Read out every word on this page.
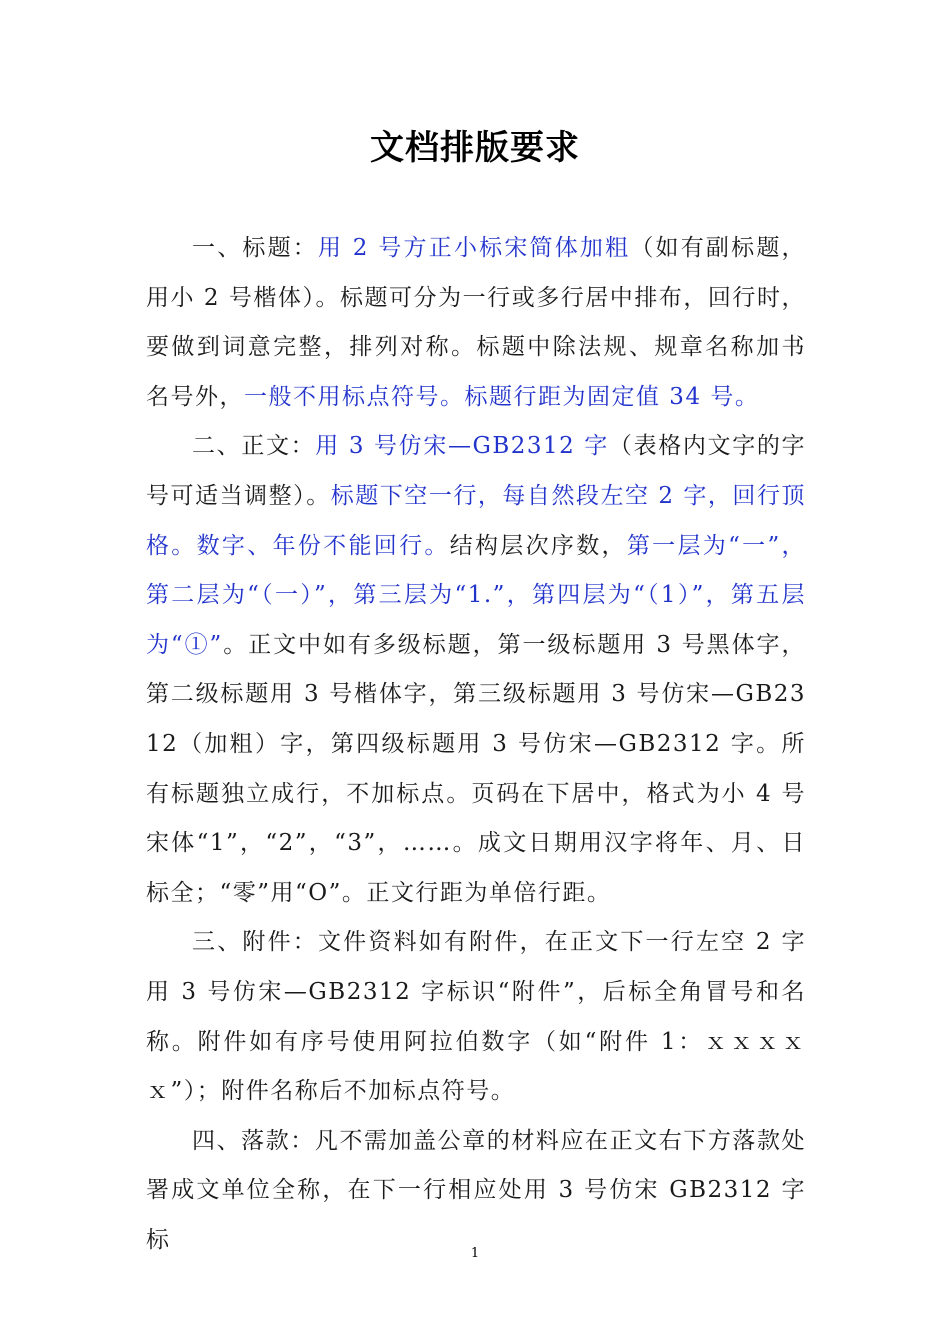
文档排版要求

一、标题：用 2 号方正小标宋简体加粗（如有副标题，用小 2 号楷体）。标题可分为一行或多行居中排布，回行时，要做到词意完整，排列对称。标题中除法规、规章名称加书名号外，一般不用标点符号。标题行距为固定值 34 号。

二、正文：用 3 号仿宋—GB2312 字（表格内文字的字号可适当调整）。标题下空一行，每自然段左空 2 字，回行顶格。数字、年份不能回行。结构层次序数，第一层为“一”，第二层为“（一）”，第三层为“1.”，第四层为“（1）”，第五层为“①”。正文中如有多级标题，第一级标题用 3 号黑体字，第二级标题用 3 号楷体字，第三级标题用 3 号仿宋—GB2312（加粗）字，第四级标题用 3 号仿宋—GB2312 字。所有标题独立成行，不加标点。页码在下居中，格式为小 4 号宋体“1”，“2”，“3”，……。成文日期用汉字将年、月、日标全；“零”用“O”。正文行距为单倍行距。

三、附件：文件资料如有附件，在正文下一行左空 2 字用 3 号仿宋—GB2312 字标识“附件”，后标全角冒号和名称。附件如有序号使用阿拉伯数字（如“附件 1：ｘｘｘｘｘ”）；附件名称后不加标点符号。

四、落款：凡不需加盖公章的材料应在正文右下方落款处署成文单位全称，在下一行相应处用 3 号仿宋 GB2312 字标

1
